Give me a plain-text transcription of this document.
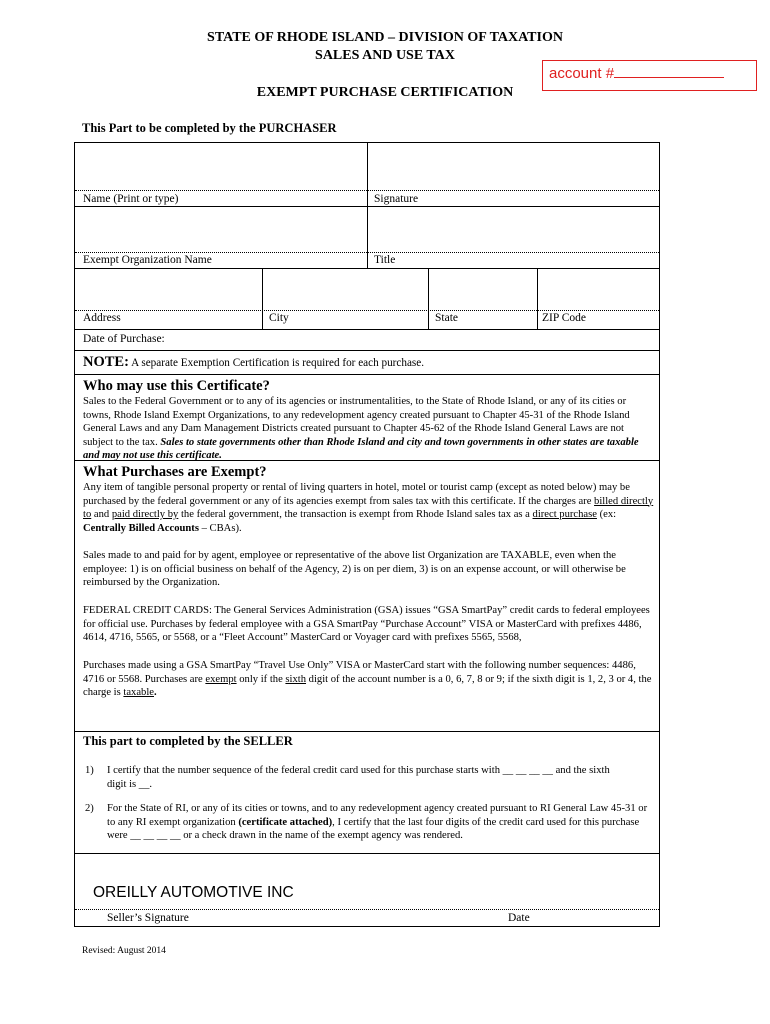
STATE OF RHODE ISLAND – DIVISION OF TAXATION
SALES AND USE TAX
account #
EXEMPT PURCHASE CERTIFICATION
This Part to be completed by the PURCHASER
Name (Print or type)	Signature
Exempt Organization Name	Title
Address	City	State	ZIP Code
Date of Purchase:
NOTE: A separate Exemption Certification is required for each purchase.
Who may use this Certificate?
Sales to the Federal Government or to any of its agencies or instrumentalities, to the State of Rhode Island, or any of its cities or towns, Rhode Island Exempt Organizations, to any redevelopment agency created pursuant to Chapter 45-31 of the Rhode Island General Laws and any Dam Management Districts created pursuant to Chapter 45-62 of the Rhode Island General Laws are not subject to the tax. Sales to state governments other than Rhode Island and city and town governments in other states are taxable and may not use this certificate.
What Purchases are Exempt?
Any item of tangible personal property or rental of living quarters in hotel, motel or tourist camp (except as noted below) may be purchased by the federal government or any of its agencies exempt from sales tax with this certificate. If the charges are billed directly to and paid directly by the federal government, the transaction is exempt from Rhode Island sales tax as a direct purchase (ex: Centrally Billed Accounts – CBAs).
Sales made to and paid for by agent, employee or representative of the above list Organization are TAXABLE, even when the employee: 1) is on official business on behalf of the Agency, 2) is on per diem, 3) is on an expense account, or will otherwise be reimbursed by the Organization.
FEDERAL CREDIT CARDS: The General Services Administration (GSA) issues “GSA SmartPay” credit cards to federal employees for official use. Purchases by federal employee with a GSA SmartPay “Purchase Account” VISA or MasterCard with prefixes 4486, 4614, 4716, 5565, or 5568, or a “Fleet Account” MasterCard or Voyager card with prefixes 5565, 5568,
Purchases made using a GSA SmartPay “Travel Use Only” VISA or MasterCard start with the following number sequences: 4486, 4716 or 5568. Purchases are exempt only if the sixth digit of the account number is a 0, 6, 7, 8 or 9; if the sixth digit is 1, 2, 3 or 4, the charge is taxable.
This part to completed by the SELLER
1) I certify that the number sequence of the federal credit card used for this purchase starts with __ __ __ __ and the sixth digit is __.
2) For the State of RI, or any of its cities or towns, and to any redevelopment agency created pursuant to RI General Law 45-31 or to any RI exempt organization (certificate attached), I certify that the last four digits of the credit card used for this purchase were __ __ __ __ or a check drawn in the name of the exempt agency was rendered.
OREILLY AUTOMOTIVE INC
Seller’s Signature	Date
Revised: August 2014
